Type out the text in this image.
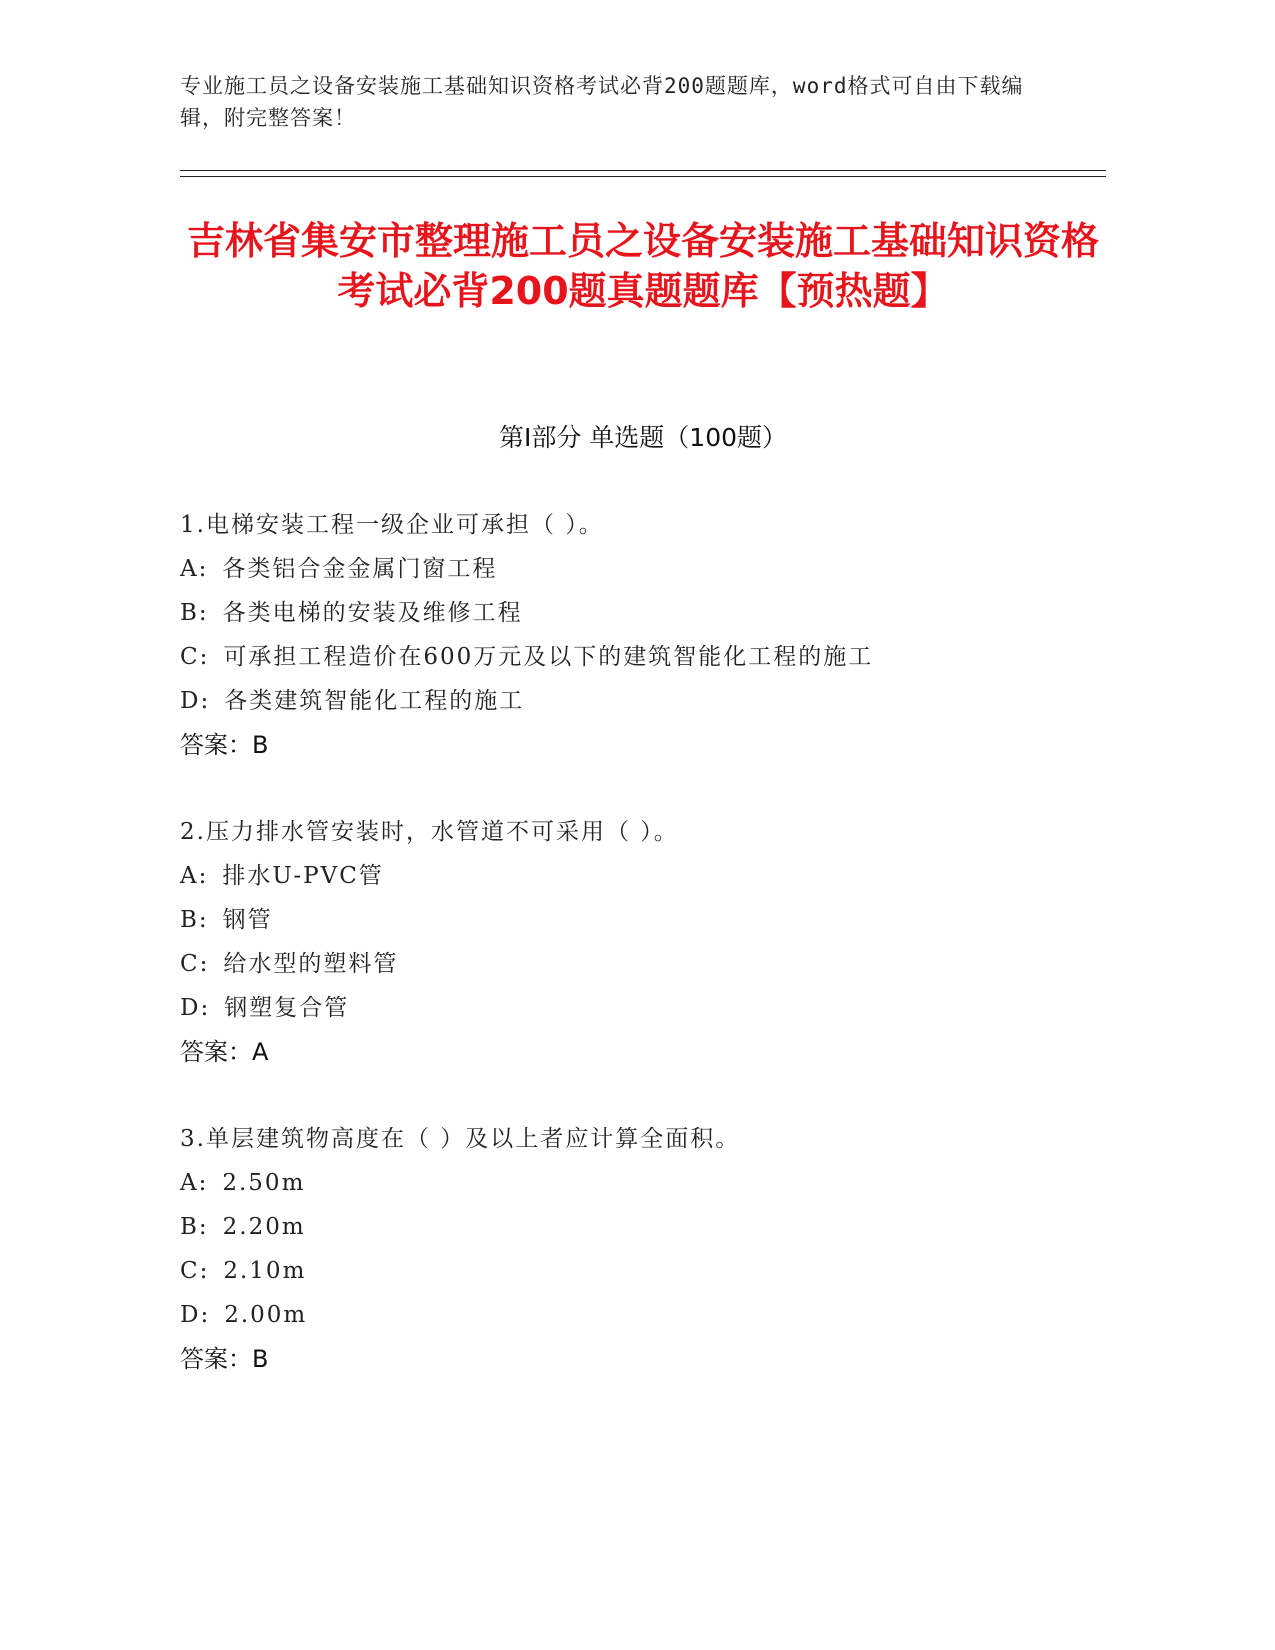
专业施工员之设备安装施工基础知识资格考试必背200题题库，word格式可自由下载编辑，附完整答案！
吉林省集安市整理施工员之设备安装施工基础知识资格考试必背200题真题题库【预热题】
第I部分 单选题（100题）
1.电梯安装工程一级企业可承担（ ）。
A: 各类铝合金金属门窗工程
B: 各类电梯的安装及维修工程
C: 可承担工程造价在600万元及以下的建筑智能化工程的施工
D: 各类建筑智能化工程的施工
答案：B
2.压力排水管安装时，水管道不可采用（ ）。
A: 排水U-PVC管
B: 钢管
C: 给水型的塑料管
D: 钢塑复合管
答案：A
3.单层建筑物高度在（ ）及以上者应计算全面积。
A: 2.50m
B: 2.20m
C: 2.10m
D: 2.00m
答案：B
